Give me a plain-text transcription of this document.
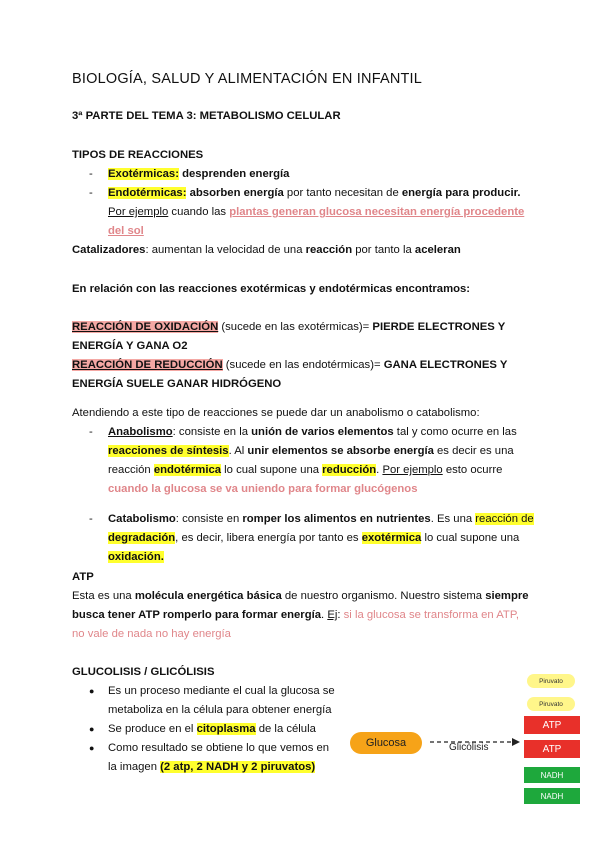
BIOLOGÍA, SALUD Y ALIMENTACIÓN EN INFANTIL
3ª PARTE DEL TEMA 3: METABOLISMO CELULAR
TIPOS DE REACCIONES
- Exotérmicas: desprenden energía
- Endotérmicas: absorben energía por tanto necesitan de energía para producir.
Por ejemplo cuando las plantas generan glucosa necesitan energía procedente
del sol
Catalizadores: aumentan la velocidad de una reacción por tanto la aceleran
En relación con las reacciones exotérmicas y endotérmicas encontramos:
REACCIÓN DE OXIDACIÓN (sucede en las exotérmicas)= PIERDE ELECTRONES Y
ENERGÍA Y GANA O2
REACCIÓN DE REDUCCIÓN (sucede en las endotérmicas)= GANA ELECTRONES Y
ENERGÍA SUELE GANAR HIDRÓGENO
Atendiendo a este tipo de reacciones se puede dar un anabolismo o catabolismo:
- Anabolismo: consiste en la unión de varios elementos tal y como ocurre en las
reacciones de síntesis. Al unir elementos se absorbe energía es decir es una
reacción endotérmica lo cual supone una reducción. Por ejemplo esto ocurre
cuando la glucosa se va uniendo para formar glucógenos
- Catabolismo: consiste en romper los alimentos en nutrientes. Es una reacción de
degradación, es decir, libera energía por tanto es exotérmica lo cual supone una
oxidación.
ATP
Esta es una molécula energética básica de nuestro organismo. Nuestro sistema siempre
busca tener ATP romperlo para formar energía. Ej: si la glucosa se transforma en ATP,
no vale de nada no hay energía
GLUCOLISIS / GLICÓLISIS
● Es un proceso mediante el cual la glucosa se
metaboliza en la célula para obtener energía
● Se produce en el citoplasma de la célula
● Como resultado se obtiene lo que vemos en
la imagen (2 atp, 2 NADH y 2 piruvatos)
Glucosa	Glicólisis
Piruvato
Piruvato
ATP
ATP
NADH
NADH
